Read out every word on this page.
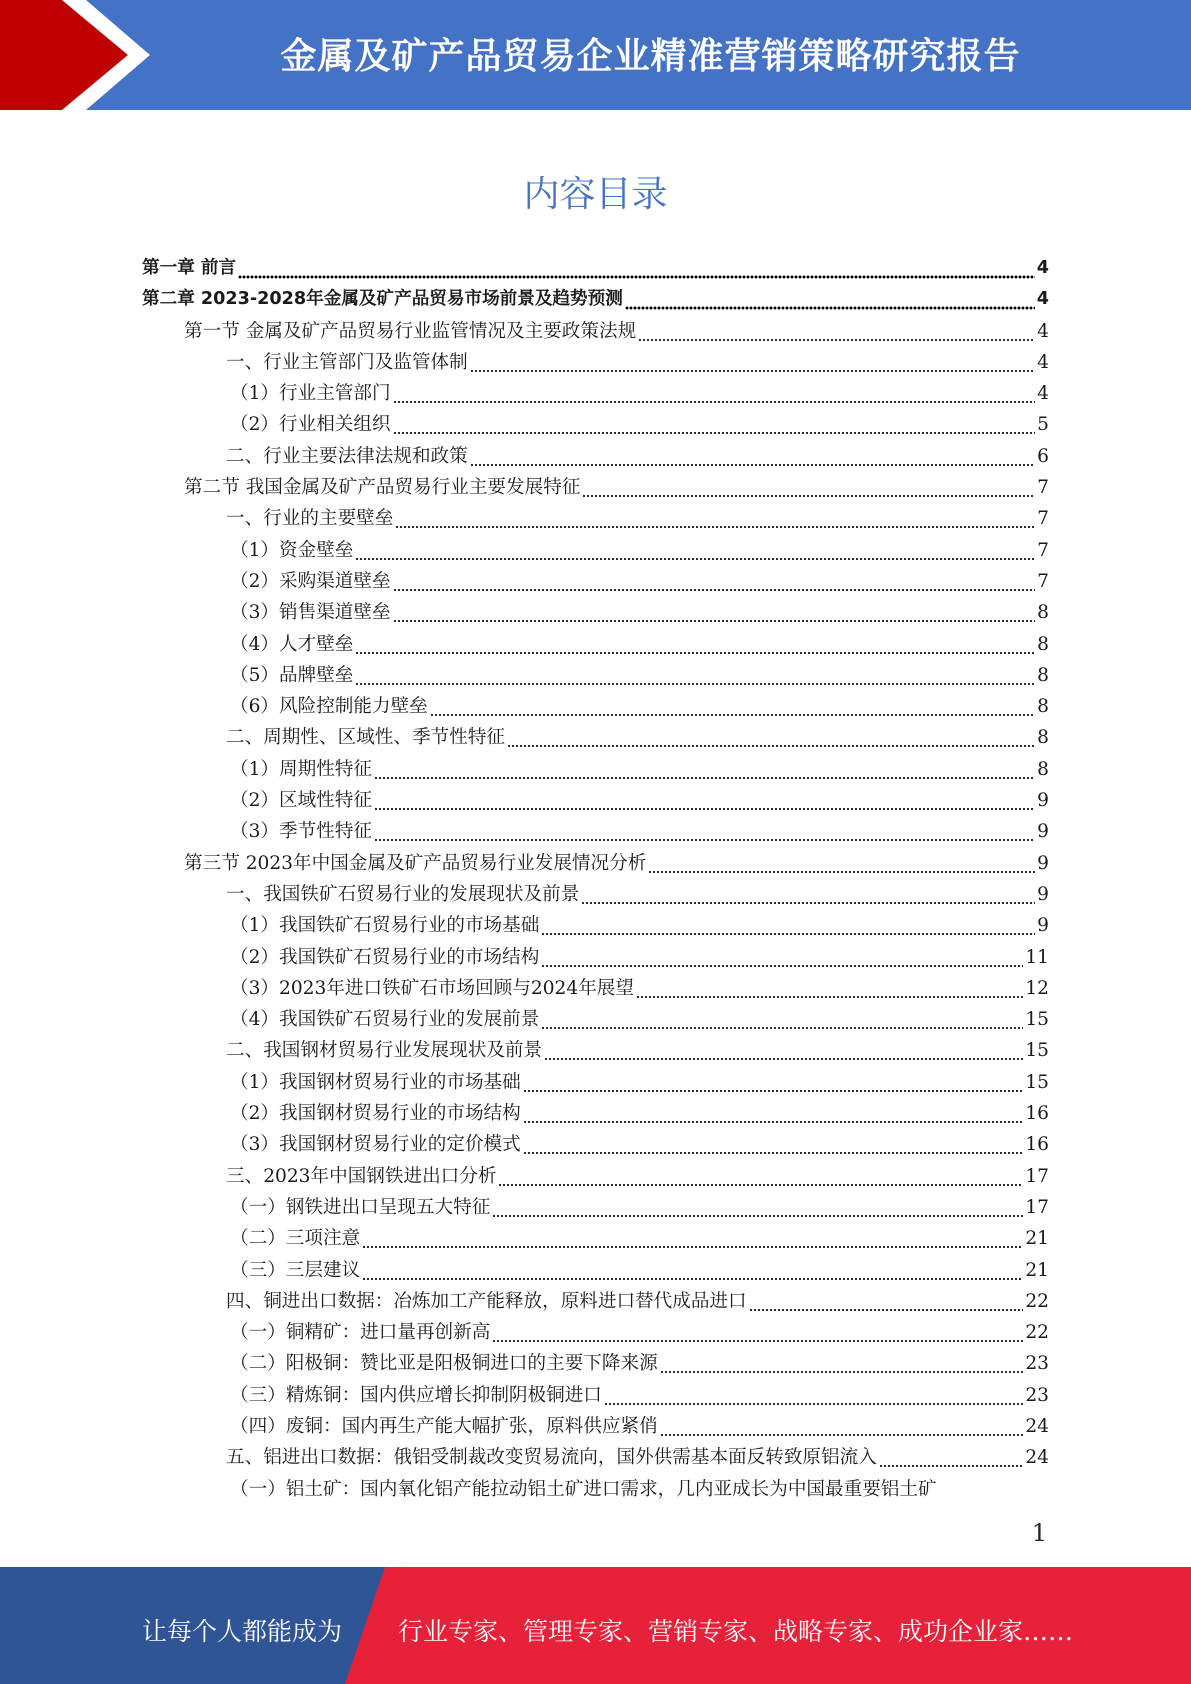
金属及矿产品贸易企业精准营销策略研究报告
内容目录
第一章 前言	4
第二章 2023-2028年金属及矿产品贸易市场前景及趋势预测	4
第一节 金属及矿产品贸易行业监管情况及主要政策法规	4
一、行业主管部门及监管体制	4
（1）行业主管部门	4
（2）行业相关组织	5
二、行业主要法律法规和政策	6
第二节 我国金属及矿产品贸易行业主要发展特征	7
一、行业的主要壁垒	7
（1）资金壁垒	7
（2）采购渠道壁垒	7
（3）销售渠道壁垒	8
（4）人才壁垒	8
（5）品牌壁垒	8
（6）风险控制能力壁垒	8
二、周期性、区域性、季节性特征	8
（1）周期性特征	8
（2）区域性特征	9
（3）季节性特征	9
第三节 2023年中国金属及矿产品贸易行业发展情况分析	9
一、我国铁矿石贸易行业的发展现状及前景	9
（1）我国铁矿石贸易行业的市场基础	9
（2）我国铁矿石贸易行业的市场结构	11
（3）2023年进口铁矿石市场回顾与2024年展望	12
（4）我国铁矿石贸易行业的发展前景	15
二、我国钢材贸易行业发展现状及前景	15
（1）我国钢材贸易行业的市场基础	15
（2）我国钢材贸易行业的市场结构	16
（3）我国钢材贸易行业的定价模式	16
三、2023年中国钢铁进出口分析	17
（一）钢铁进出口呈现五大特征	17
（二）三项注意	21
（三）三层建议	21
四、铜进出口数据：冶炼加工产能释放，原料进口替代成品进口	22
（一）铜精矿：进口量再创新高	22
（二）阳极铜：赞比亚是阳极铜进口的主要下降来源	23
（三）精炼铜：国内供应增长抑制阴极铜进口	23
（四）废铜：国内再生产能大幅扩张，原料供应紧俏	24
五、铝进出口数据：俄铝受制裁改变贸易流向，国外供需基本面反转致原铝流入	24
（一）铝土矿：国内氧化铝产能拉动铝土矿进口需求，几内亚成长为中国最重要铝土矿
1
让每个人都能成为 行业专家、管理专家、营销专家、战略专家、成功企业家……
